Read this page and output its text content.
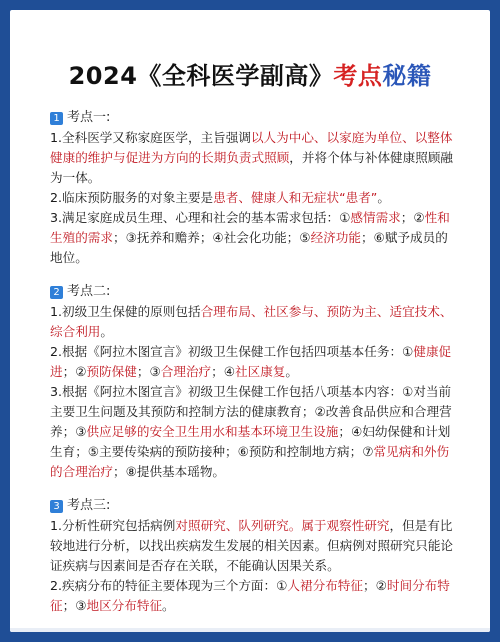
2024《全科医学副高》考点秘籍
1 考点一:

1.全科医学又称家庭医学，主旨强调以人为中心、以家庭为单位、以整体健康的维护与促进为方向的长期负责式照顾，并将个体与补体健康照顾融为一体。

2.临床预防服务的对象主要是患者、健康人和无症状“患者”。

3.满足家庭成员生理、心理和社会的基本需求包括：①感情需求；②性和生殖的需求；③抚养和赡养；④社会化功能；⑤经济功能；⑥赋予成员的地位。

2 考点二:

1.初级卫生保健的原则包括合理布局、社区参与、预防为主、适宜技术、综合利用。

2.根据《阿拉木图宣言》初级卫生保健工作包括四项基本任务：①健康促进；②预防保健；③合理治疗；④社区康复。

3.根据《阿拉木图宣言》初级卫生保健工作包括八项基本内容：①对当前主要卫生问题及其预防和控制方法的健康教育；②改善食品供应和合理营养；③供应足够的安全卫生用水和基本环境卫生设施；④妇幼保健和计划生育；⑤主要传染病的预防接种；⑥预防和控制地方病；⑦常见病和外伤的合理治疗；⑧提供基本瑶物。

3 考点三:

1.分析性研究包括病例对照研究、队列研究。属于观察性研究，但是有比较地进行分析，以找出疾病发生发展的相关因素。但病例对照研究只能论证疾病与因素间是否存在关联，不能确认因果关系。

2.疾病分布的特征主要体现为三个方面：①人裙分布特征；②时间分布特征；③地区分布特征。
